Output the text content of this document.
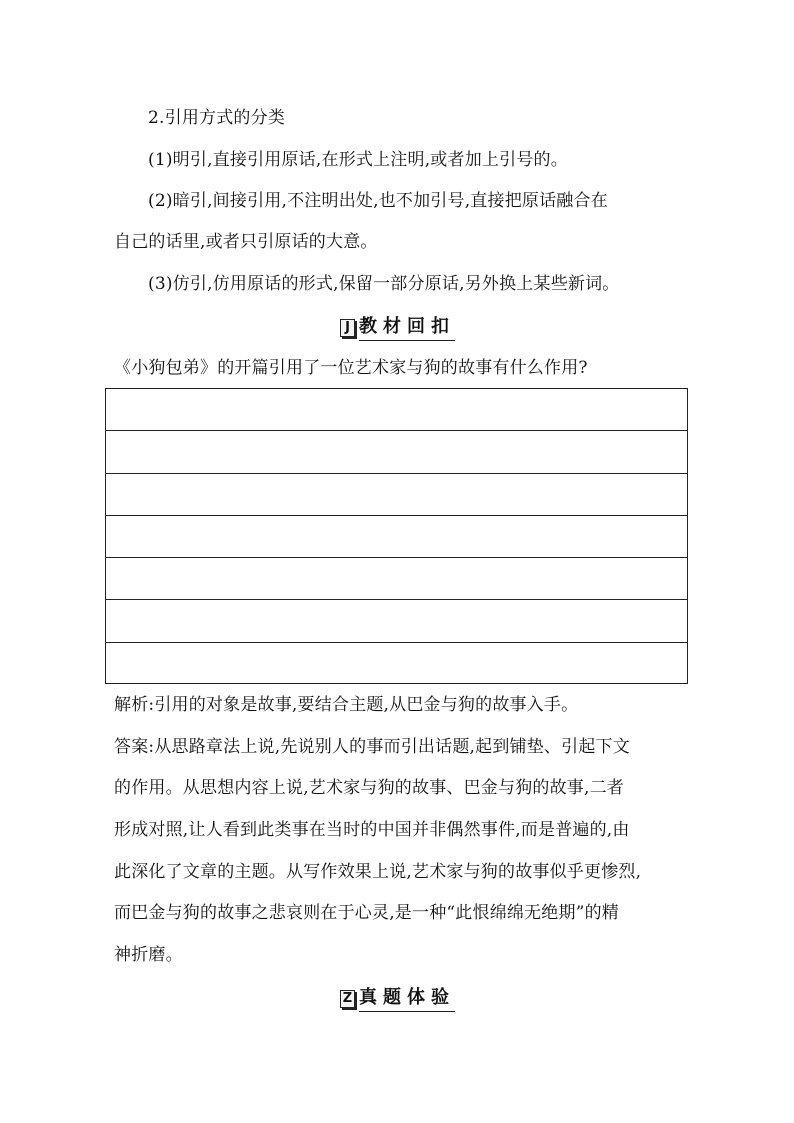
2.引用方式的分类
(1)明引,直接引用原话,在形式上注明,或者加上引号的。
(2)暗引,间接引用,不注明出处,也不加引号,直接把原话融合在
自己的话里,或者只引原话的大意。
(3)仿引,仿用原话的形式,保留一部分原话,另外换上某些新词。
J 教材回扣
《小狗包弟》的开篇引用了一位艺术家与狗的故事有什么作用?
解析:引用的对象是故事,要结合主题,从巴金与狗的故事入手。
答案:从思路章法上说,先说别人的事而引出话题,起到铺垫、引起下文
的作用。从思想内容上说,艺术家与狗的故事、巴金与狗的故事,二者
形成对照,让人看到此类事在当时的中国并非偶然事件,而是普遍的,由
此深化了文章的主题。从写作效果上说,艺术家与狗的故事似乎更惨烈,
而巴金与狗的故事之悲哀则在于心灵,是一种“此恨绵绵无绝期”的精
神折磨。
Z 真题体验
